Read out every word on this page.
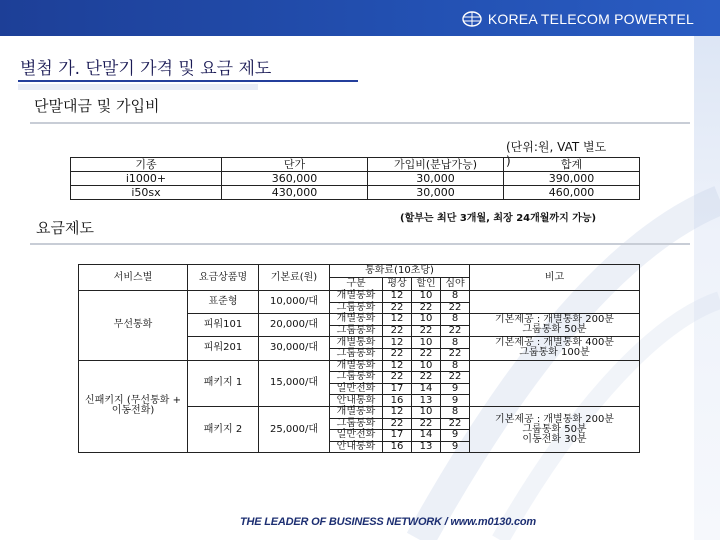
KOREA TELECOM POWERTEL
별첨 가. 단말기 가격 및 요금 제도
단말대금 및 가입비
(단위:원, VAT 별도
)
기종	단가	가입비(분납가능)	합계
i1000+	360,000	30,000	390,000
i50sx	430,000	30,000	460,000
요금제도
(할부는 최단 3개월, 최장 24개월까지 가능)
서비스별	요금상품명	기본료(원)	통화료(10초당)				비고
			구분	평상	할인	심야	
무선통화	표준형	10,000/대	개별통화	12	10	8	
			그룹통화	22	22	22	
	피워101	20,000/대	개별통화	12	10	8	기본제공 : 개별통화 200분
그룹통화 50분

			그룹통화	22	22	22	
	피워201	30,000/대	개별통화	12	10	8	기본제공 : 개별통화 400분
그룹통화 100분

			그룹통화	22	22	22	
신패키지 (무선통화 + 이동전화)	패키지 1	15,000/대	개별통화	12	10	8	
			그룹통화	22	22	22	
			일반전화	17	14	9	
			안내통화	16	13	9	
	패키지 2	25,000/대	개별통화	12	10	8	기본제공 : 개별통화 200분
그룹통화 50분
이동전화 30분

			그룹통화	22	22	22	
			일반전화	17	14	9	
			안내통화	16	13	9	
THE LEADER OF BUSINESS NETWORK / www.m0130.com
